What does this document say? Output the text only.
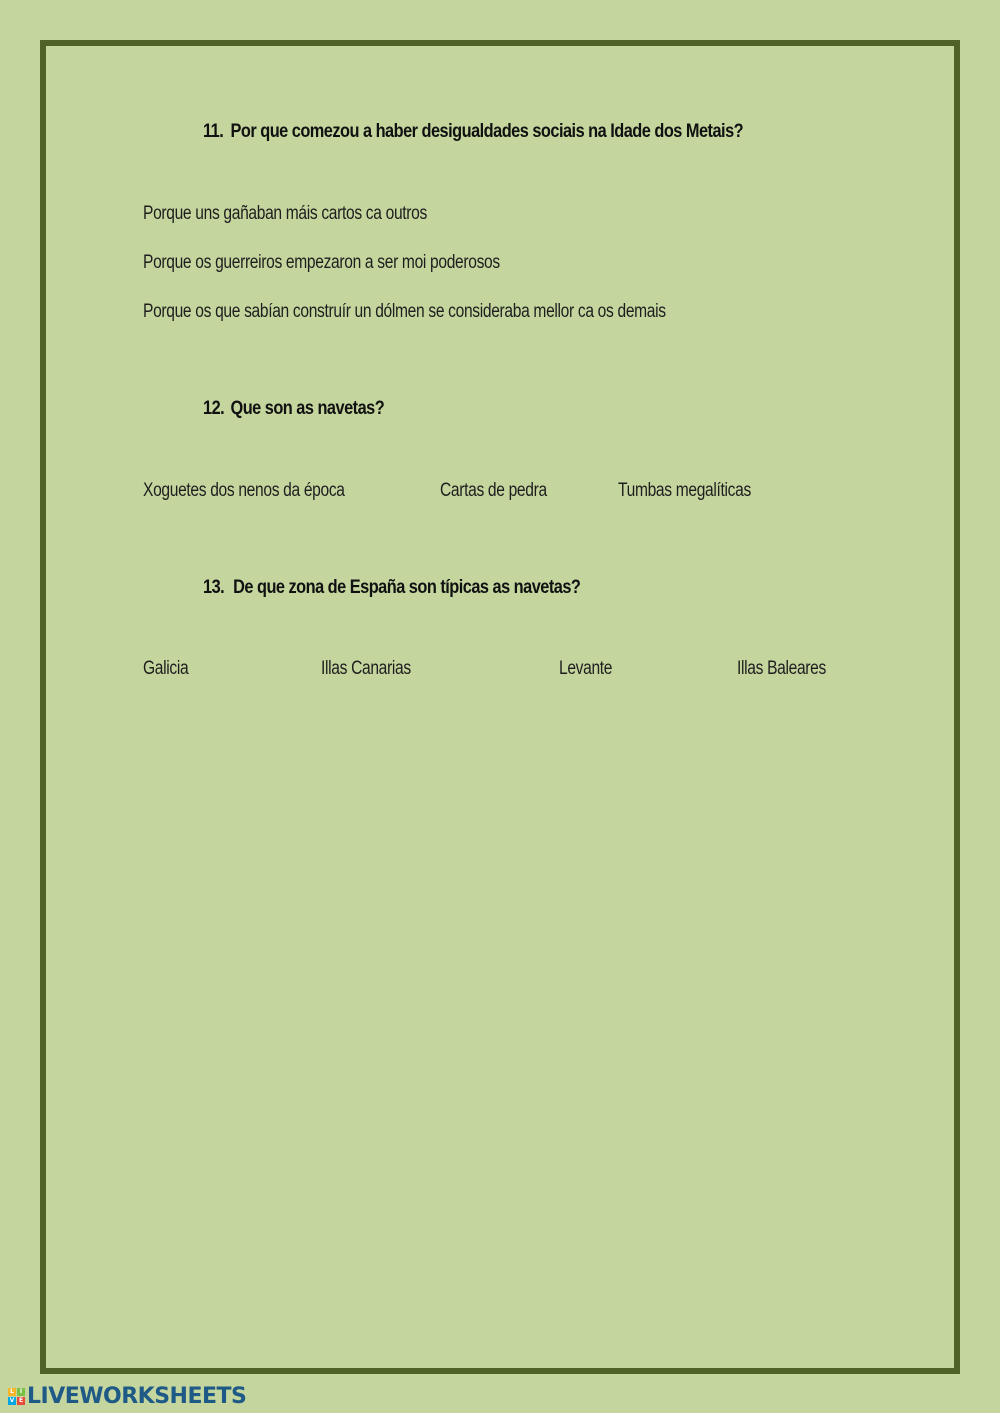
11. Por que comezou a haber desigualdades sociais na Idade dos Metais?
Porque uns gañaban máis cartos ca outros
Porque os guerreiros empezaron a ser moi poderosos
Porque os que sabían construír un dólmen se consideraba mellor ca os demais
12. Que son as navetas?
Xoguetes dos nenos da época	Cartas de pedra	Tumbas megalíticas
13. De que zona de España son típicas as navetas?
Galicia	Illas Canarias	Levante	Illas Baleares
L I
V E LIVEWORKSHEETS
